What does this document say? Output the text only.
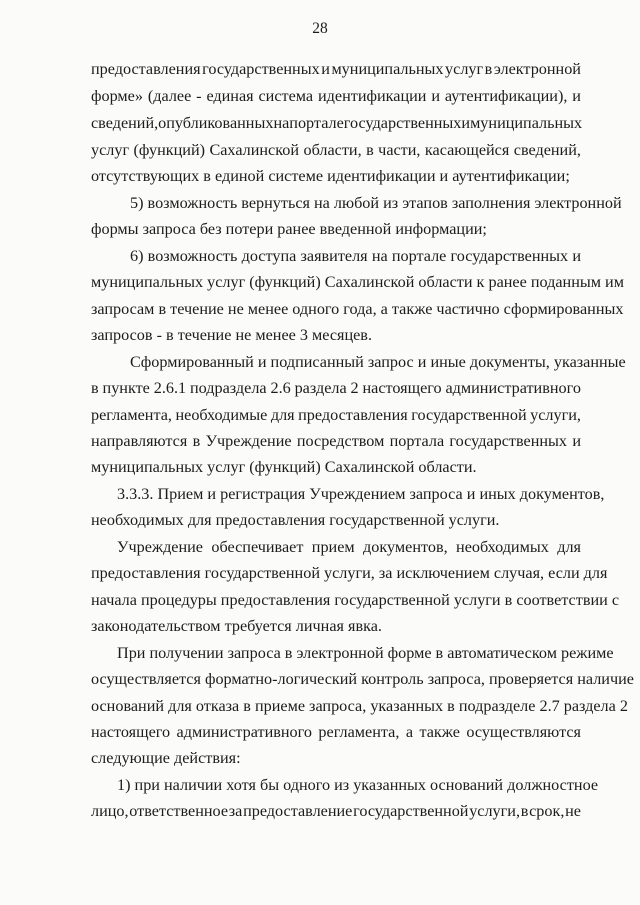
28
предоставления государственных и муниципальных услуг в электронной
форме» (далее - единая система идентификации и аутентификации), и
сведений, опубликованных на портале государственных и муниципальных
услуг (функций) Сахалинской области, в части, касающейся сведений,
отсутствующих в единой системе идентификации и аутентификации;
5) возможность вернуться на любой из этапов заполнения электронной
формы запроса без потери ранее введенной информации;
6) возможность доступа заявителя на портале государственных и
муниципальных услуг (функций) Сахалинской области к ранее поданным им
запросам в течение не менее одного года, а также частично сформированных
запросов - в течение не менее 3 месяцев.
Сформированный и подписанный запрос и иные документы, указанные
в пункте 2.6.1 подраздела 2.6 раздела 2 настоящего административного
регламента, необходимые для предоставления государственной услуги,
направляются в Учреждение посредством портала государственных и
муниципальных услуг (функций) Сахалинской области.
3.3.3. Прием и регистрация Учреждением запроса и иных документов,
необходимых для предоставления государственной услуги.
Учреждение обеспечивает прием документов, необходимых для
предоставления государственной услуги, за исключением случая, если для
начала процедуры предоставления государственной услуги в соответствии с
законодательством требуется личная явка.
При получении запроса в электронной форме в автоматическом режиме
осуществляется форматно-логический контроль запроса, проверяется наличие
оснований для отказа в приеме запроса, указанных в подразделе 2.7 раздела 2
настоящего административного регламента, а также осуществляются
следующие действия:
1) при наличии хотя бы одного из указанных оснований должностное
лицо, ответственное за предоставление государственной услуги, в срок, не
